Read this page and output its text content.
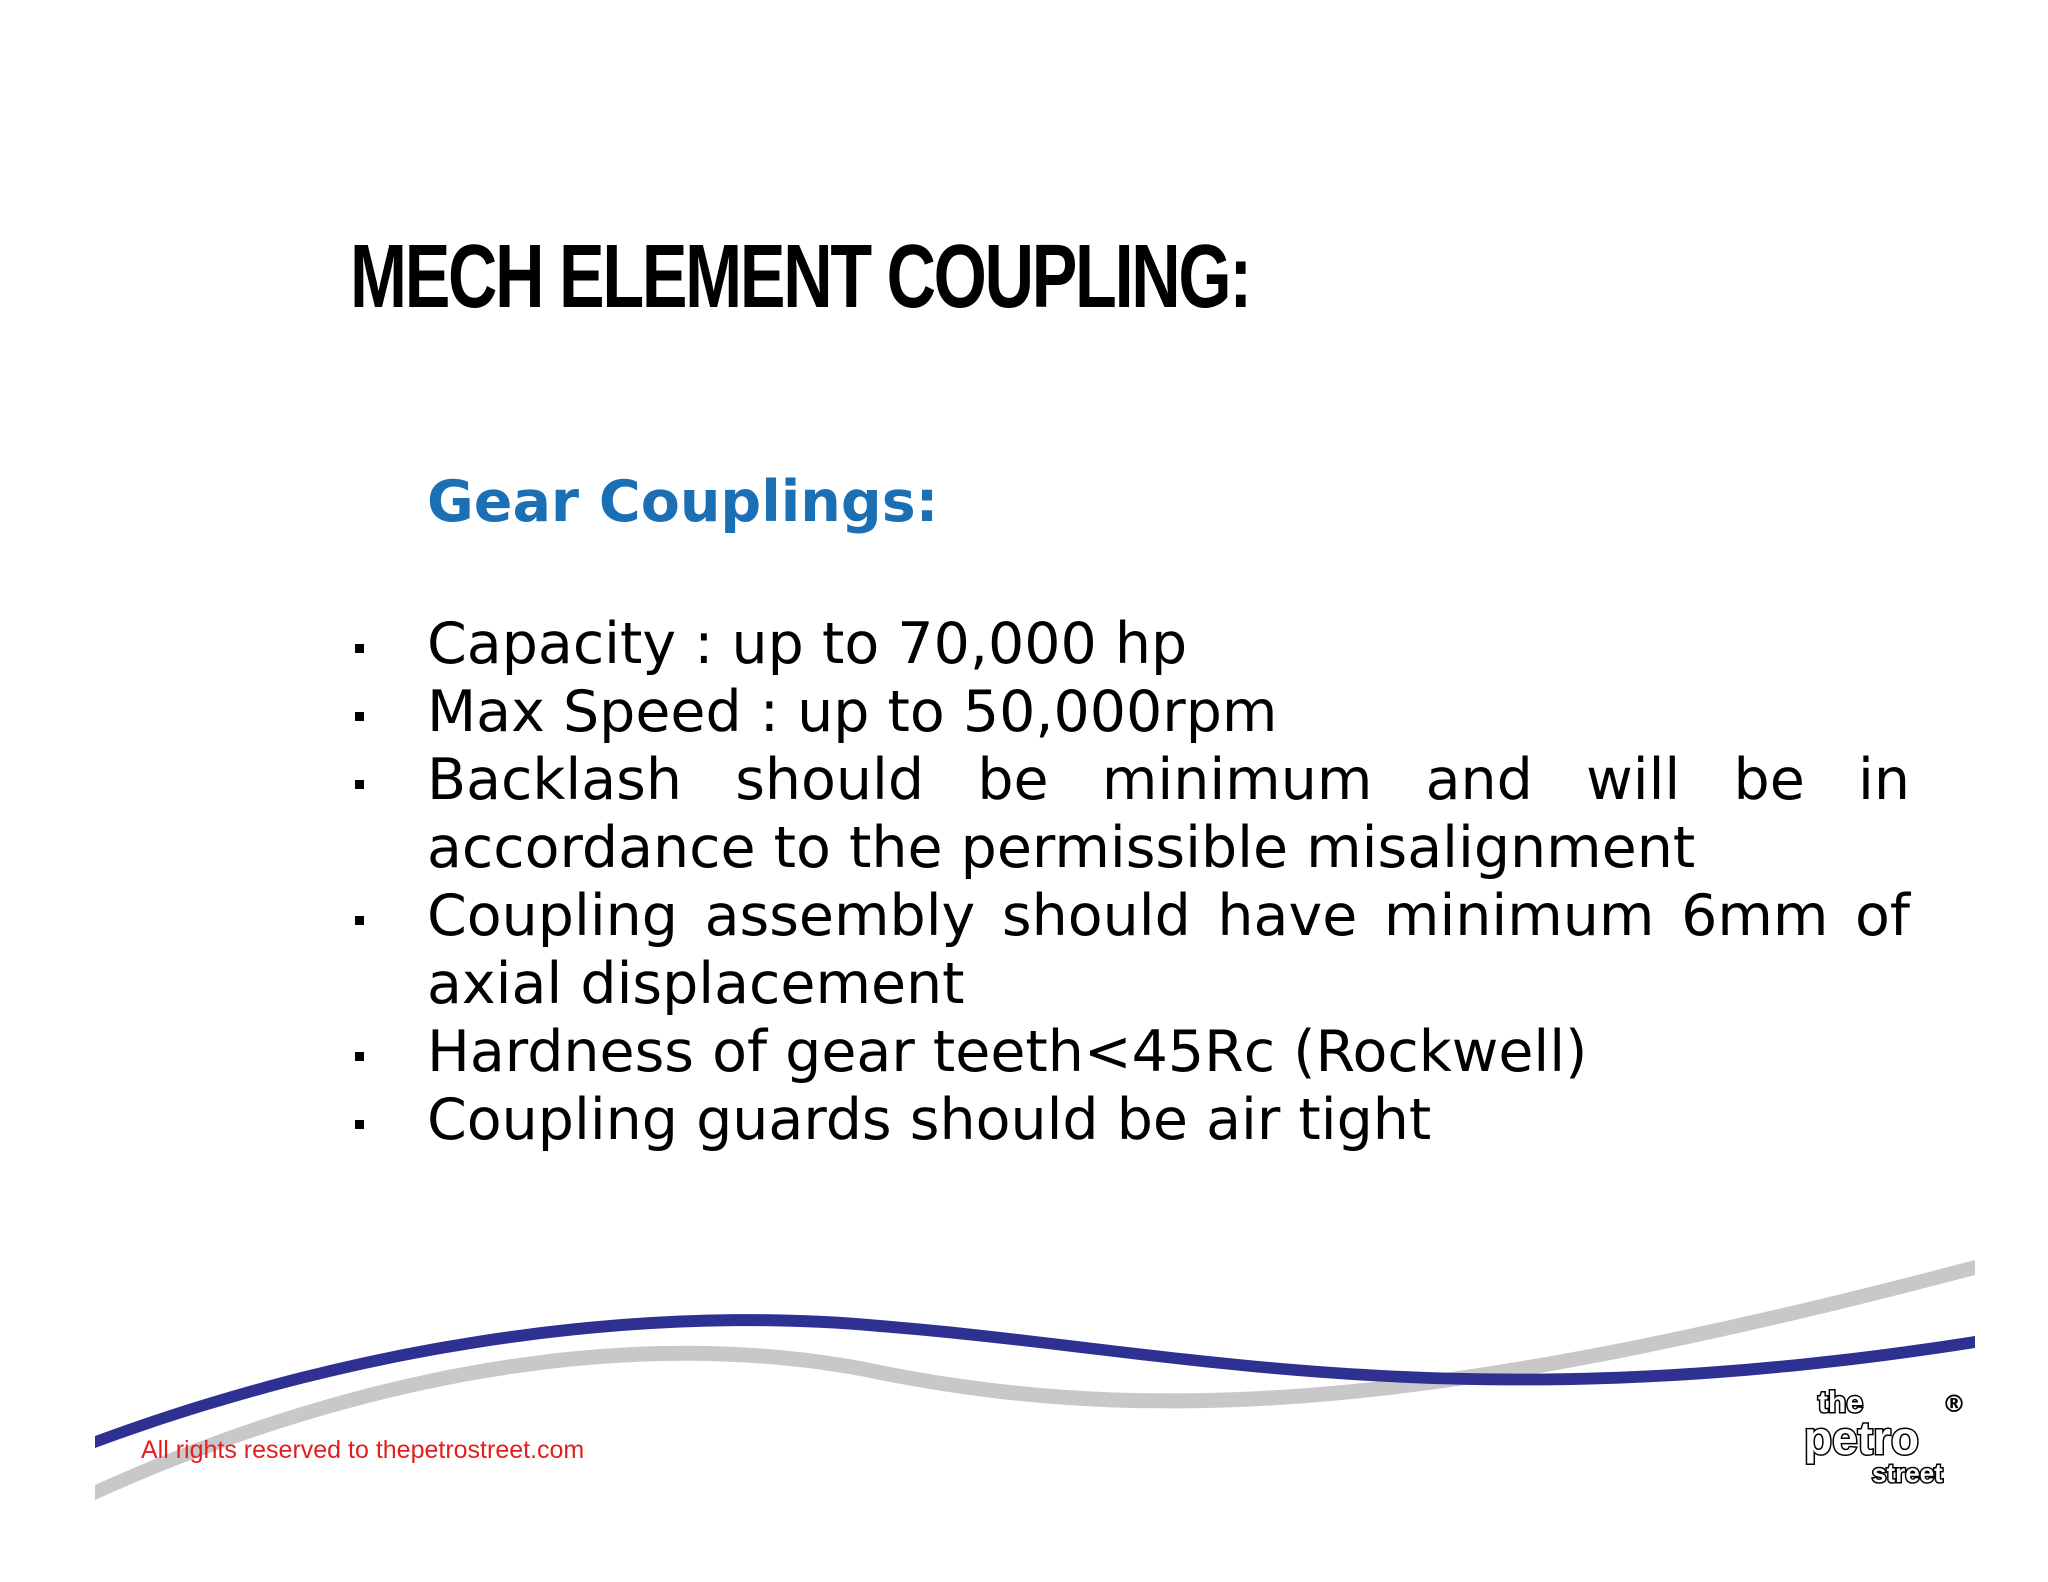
MECH ELEMENT COUPLING:
Gear Couplings:
Capacity : up to 70,000 hp
Max Speed : up to 50,000rpm
Backlash should be minimum and will be in accordance to the permissible misalignment
Coupling assembly should have minimum 6mm of axial displacement
Hardness of gear teeth<45Rc (Rockwell)
Coupling guards should be air tight

All rights reserved to thepetrostreet.com

the
petro
street
®
